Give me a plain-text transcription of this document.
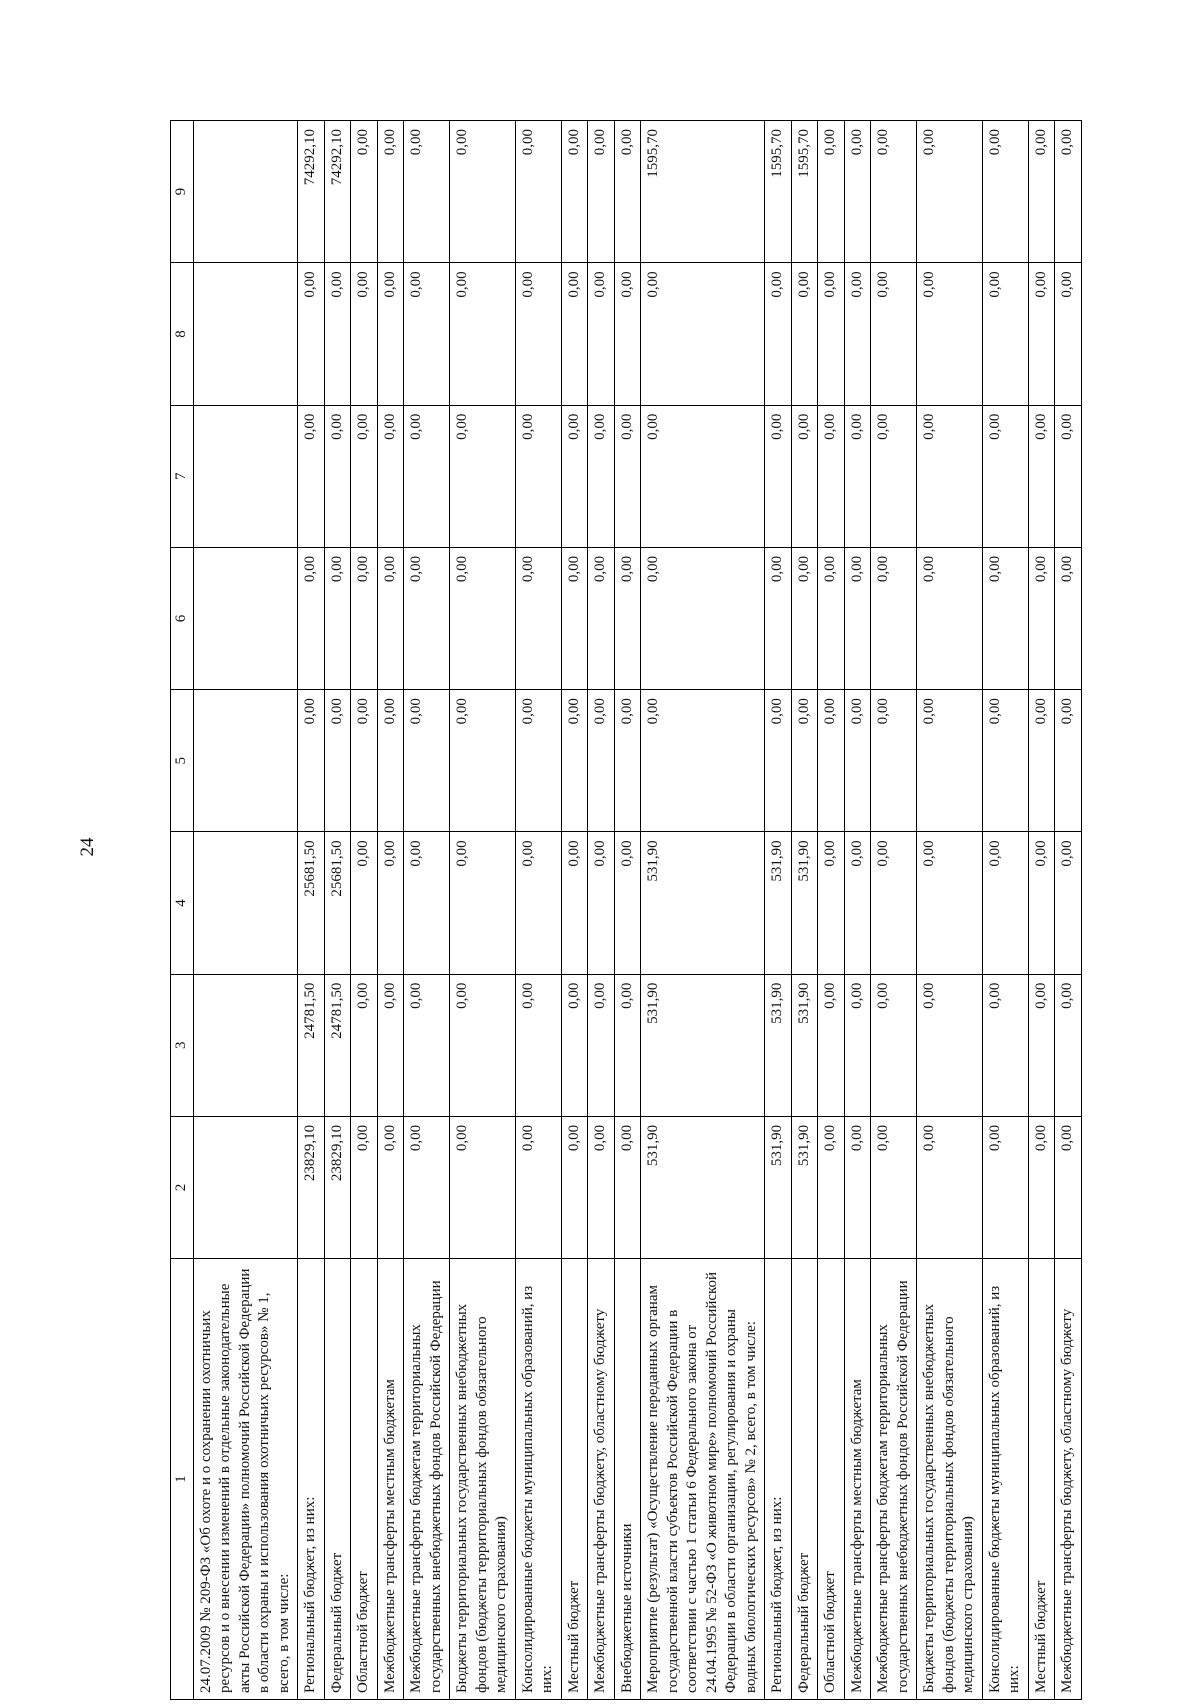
24
1	2	3	4	5	6	7	8	9
24.07.2009 № 209-ФЗ «Об охоте и о сохранении охотничьих ресурсов и о внесении изменений в отдельные законодательные акты Российской Федерации» полномочий Российской Федерации в области охраны и использования охотничьих ресурсов» № 1, всего, в том числе:								
Региональный бюджет, из них:	23829,10	24781,50	25681,50	0,00	0,00	0,00	0,00	74292,10
Федеральный бюджет	23829,10	24781,50	25681,50	0,00	0,00	0,00	0,00	74292,10
Областной бюджет	0,00	0,00	0,00	0,00	0,00	0,00	0,00	0,00
Межбюджетные трансферты местным бюджетам	0,00	0,00	0,00	0,00	0,00	0,00	0,00	0,00
Межбюджетные трансферты бюджетам территориальных государственных внебюджетных фондов Российской Федерации	0,00	0,00	0,00	0,00	0,00	0,00	0,00	0,00
Бюджеты территориальных государственных внебюджетных фондов (бюджеты территориальных фондов обязательного медицинского страхования)	0,00	0,00	0,00	0,00	0,00	0,00	0,00	0,00
Консолидированные бюджеты муниципальных образований, из них:	0,00	0,00	0,00	0,00	0,00	0,00	0,00	0,00
Местный бюджет	0,00	0,00	0,00	0,00	0,00	0,00	0,00	0,00
Межбюджетные трансферты бюджету, областному бюджету	0,00	0,00	0,00	0,00	0,00	0,00	0,00	0,00
Внебюджетные источники	0,00	0,00	0,00	0,00	0,00	0,00	0,00	0,00
Мероприятие (результат) «Осуществление переданных органам государственной власти субъектов Российской Федерации в соответствии с частью 1 статьи 6 Федерального закона от 24.04.1995 № 52-ФЗ «О животном мире» полномочий Российской Федерации в области организации, регулирования и охраны водных биологических ресурсов» № 2, всего, в том числе:	531,90	531,90	531,90	0,00	0,00	0,00	0,00	1595,70
Региональный бюджет, из них:	531,90	531,90	531,90	0,00	0,00	0,00	0,00	1595,70
Федеральный бюджет	531,90	531,90	531,90	0,00	0,00	0,00	0,00	1595,70
Областной бюджет	0,00	0,00	0,00	0,00	0,00	0,00	0,00	0,00
Межбюджетные трансферты местным бюджетам	0,00	0,00	0,00	0,00	0,00	0,00	0,00	0,00
Межбюджетные трансферты бюджетам территориальных государственных внебюджетных фондов Российской Федерации	0,00	0,00	0,00	0,00	0,00	0,00	0,00	0,00
Бюджеты территориальных государственных внебюджетных фондов (бюджеты территориальных фондов обязательного медицинского страхования)	0,00	0,00	0,00	0,00	0,00	0,00	0,00	0,00
Консолидированные бюджеты муниципальных образований, из них:	0,00	0,00	0,00	0,00	0,00	0,00	0,00	0,00
Местный бюджет	0,00	0,00	0,00	0,00	0,00	0,00	0,00	0,00
Межбюджетные трансферты бюджету, областному бюджету	0,00	0,00	0,00	0,00	0,00	0,00	0,00	0,00
